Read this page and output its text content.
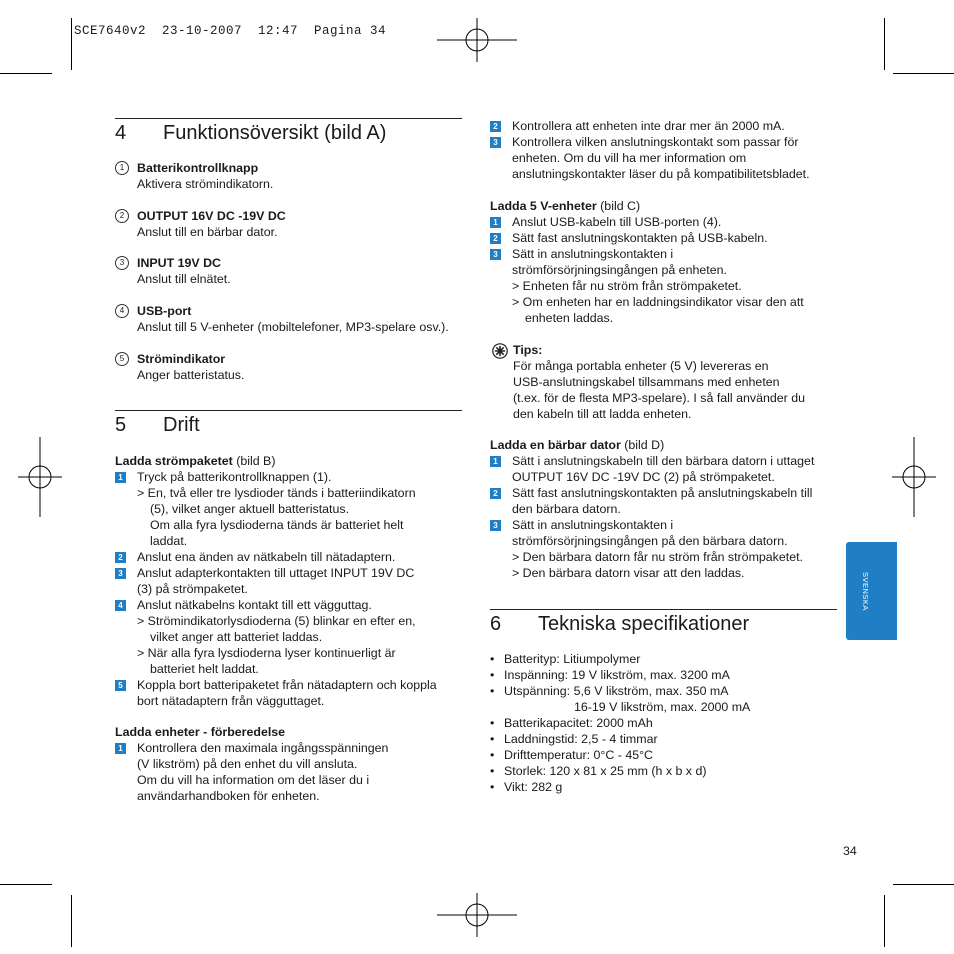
SCE7640v2  23-10-2007  12:47  Pagina 34
4 Funktionsöversikt (bild A)
1	Batterikontrollknapp
Aktivera strömindikatorn.
2	OUTPUT 16V DC -19V DC
Anslut till en bärbar dator.
3	INPUT 19V DC
Anslut till elnätet.
4	USB-port
Anslut till 5 V-enheter (mobiltelefoner, MP3-spelare osv.).
5	Strömindikator
Anger batteristatus.
5 Drift
Ladda strömpaketet (bild B)
1 Tryck på batterikontrollknappen (1).
> En, två eller tre lysdioder tänds i batteriindikatorn
(5), vilket anger aktuell batteristatus.
Om alla fyra lysdioderna tänds är batteriet helt
laddat.
2 Anslut ena änden av nätkabeln till nätadaptern.
3 Anslut adapterkontakten till uttaget INPUT 19V DC
(3) på strömpaketet.
4 Anslut nätkabelns kontakt till ett vägguttag.
> Strömindikatorlysdioderna (5) blinkar en efter en,
vilket anger att batteriet laddas.
> När alla fyra lysdioderna lyser kontinuerligt är
batteriet helt laddat.
5 Koppla bort batteripaketet från nätadaptern och koppla
bort nätadaptern från vägguttaget.
Ladda enheter - förberedelse
1 Kontrollera den maximala ingångsspänningen
(V likström) på den enhet du vill ansluta.
Om du vill ha information om det läser du i
användarhandboken för enheten.
2 Kontrollera att enheten inte drar mer än 2000 mA.
3 Kontrollera vilken anslutningskontakt som passar för
enheten. Om du vill ha mer information om
anslutningskontakter läser du på kompatibilitetsbladet.
Ladda 5 V-enheter (bild C)
1 Anslut USB-kabeln till USB-porten (4).
2 Sätt fast anslutningskontakten på USB-kabeln.
3 Sätt in anslutningskontakten i
strömförsörjningsingången på enheten.
> Enheten får nu ström från strömpaketet.
> Om enheten har en laddningsindikator visar den att
enheten laddas.
Tips:
För många portabla enheter (5 V) levereras en
USB-anslutningskabel tillsammans med enheten
(t.ex. för de flesta MP3-spelare). I så fall använder du
den kabeln till att ladda enheten.
Ladda en bärbar dator (bild D)
1 Sätt i anslutningskabeln till den bärbara datorn i uttaget
OUTPUT 16V DC -19V DC (2) på strömpaketet.
2 Sätt fast anslutningskontakten på anslutningskabeln till
den bärbara datorn.
3 Sätt in anslutningskontakten i
strömförsörjningsingången på den bärbara datorn.
> Den bärbara datorn får nu ström från strömpaketet.
> Den bärbara datorn visar att den laddas.
6 Tekniska specifikationer
• Batterityp: Litiumpolymer
• Inspänning: 19 V likström, max. 3200 mA
• Utspänning: 5,6 V likström, max. 350 mA
16-19 V likström, max. 2000 mA
• Batterikapacitet: 2000 mAh
• Laddningstid: 2,5 - 4 timmar
• Drifttemperatur: 0°C - 45°C
• Storlek: 120 x 81 x 25 mm (h x b x d)
• Vikt: 282 g
SVENSKA
34
